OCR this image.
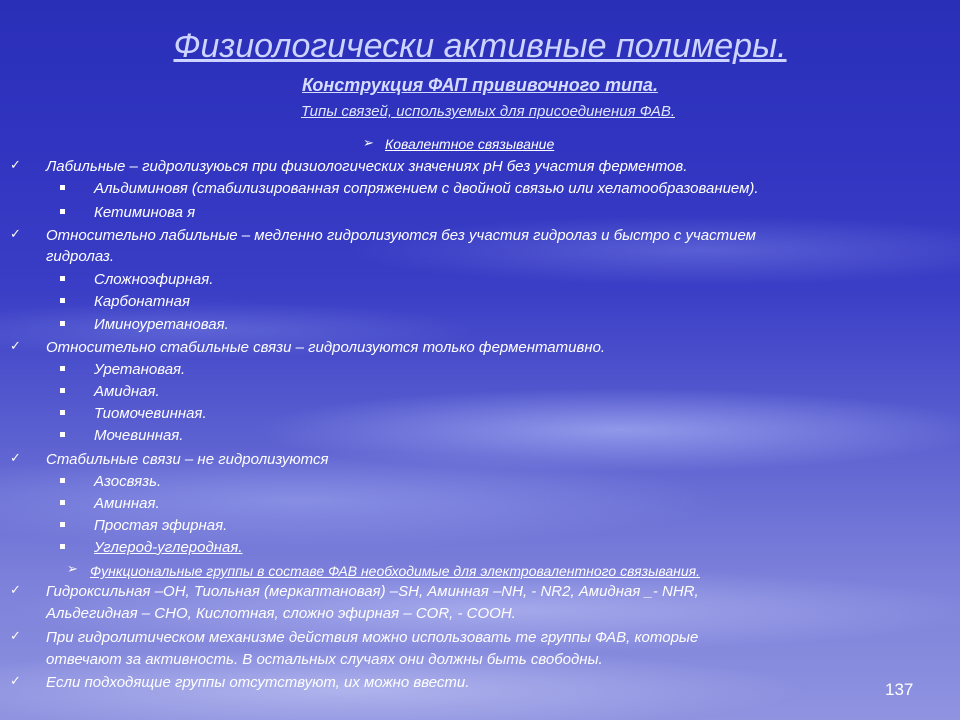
Физиологически активные полимеры.
Конструкция ФАП прививочного типа.
Типы связей, используемых для присоединения ФАВ.
➢ Ковалентное связывание
✓ Лабильные – гидролизуюься при физиологических значениях pH без участия ферментов.
Альдиминовя (стабилизированная сопряжением с двойной связью или хелатообразованием).
Кетиминова я
✓ Относительно лабильные – медленно гидролизуются без участия гидролаз и быстро с участием
гидролаз.
Сложноэфирная.
Карбонатная
Иминоуретановая.
✓ Относительно стабильные связи – гидролизуются только ферментативно.
Уретановая.
Амидная.
Тиомочевинная.
Мочевинная.
✓ Стабильные связи – не гидролизуются
Азосвязь.
Аминная.
Простая эфирная.
Углерод-углеродная.
➢ Функциональные группы в составе ФАВ необходимые для электровалентного связывания.
✓ Гидроксильная –OH, Тиольная (меркаптановая) –SH, Аминная –NH, - NR2, Амидная _- NHR,
Альдегидная – CHO, Кислотная, сложно эфирная – COR, - COOH.
✓ При гидролитическом механизме действия можно использовать те группы ФАВ, которые
отвечают за активность. В остальных случаях они должны быть свободны.
✓ Если подходящие группы отсутствуют, их можно ввести.	137
